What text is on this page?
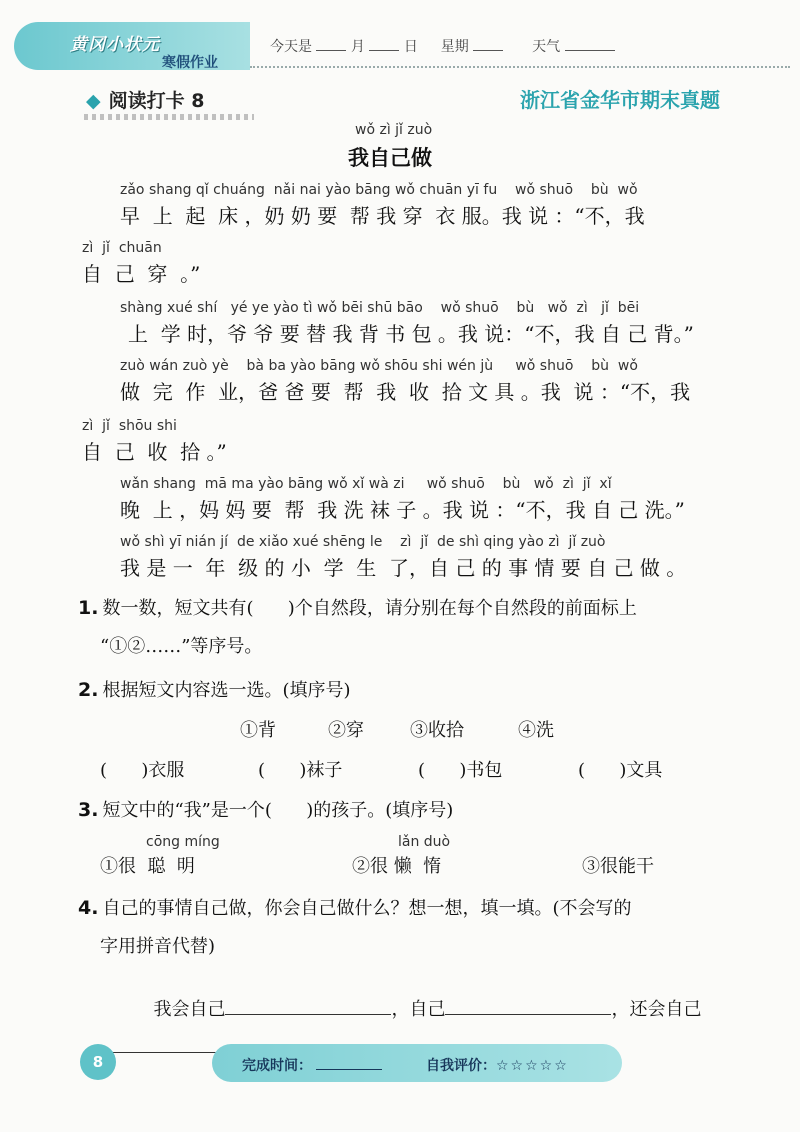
黄冈小状元
寒假作业
今天是	月	日 星期	天气
◆ 阅读打卡 8	浙江省金华市期末真题
wǒ zì jǐ zuò
我自己做
zǎo shang qǐ chuáng  nǎi nai yào bāng wǒ chuān yī fu    wǒ shuō    bù  wǒ
早  上  起  床 ，奶 奶 要  帮 我 穿  衣 服。我 说 ：“不，我
zì  jǐ  chuān
自  己  穿  。”
shàng xué shí   yé ye yào tì wǒ bēi shū bāo    wǒ shuō    bù   wǒ  zì   jǐ  bēi
上  学 时，爷 爷 要 替 我 背 书 包 。我 说：“不，我 自 己 背。”
zuò wán zuò yè    bà ba yào bāng wǒ shōu shi wén jù     wǒ shuō    bù  wǒ
做  完  作  业，爸 爸 要  帮  我  收  拾 文 具 。我  说 ：“不，我
zì  jǐ  shōu shi
自  己  收  拾 。”
wǎn shang  mā ma yào bāng wǒ xǐ wà zi     wǒ shuō    bù   wǒ  zì  jǐ  xǐ
晚  上 ，妈 妈 要  帮  我 洗 袜 子 。我 说 ：“不，我 自 己 洗。”
wǒ shì yī nián jí  de xiǎo xué shēng le    zì  jǐ  de shì qing yào zì  jǐ zuò
我 是 一  年  级 的 小  学  生  了，自 己 的 事 情 要 自 己 做 。
1. 数一数，短文共有(      )个自然段，请分别在每个自然段的前面标上
“①②……”等序号。
2. 根据短文内容选一选。(填序号)
①背	②穿	③收拾	④洗
(      )衣服	(      )袜子	(      )书包	(      )文具
3. 短文中的“我”是一个(      )的孩子。(填序号)
cōng míng	lǎn duò
①很  聪  明	②很 懒  惰	③很能干
4. 自己的事情自己做，你会自己做什么？想一想，填一填。(不会写的
字用拼音代替)

我会自己	，自己	，还会自己

8	完成时间：	自我评价：☆☆☆☆☆
